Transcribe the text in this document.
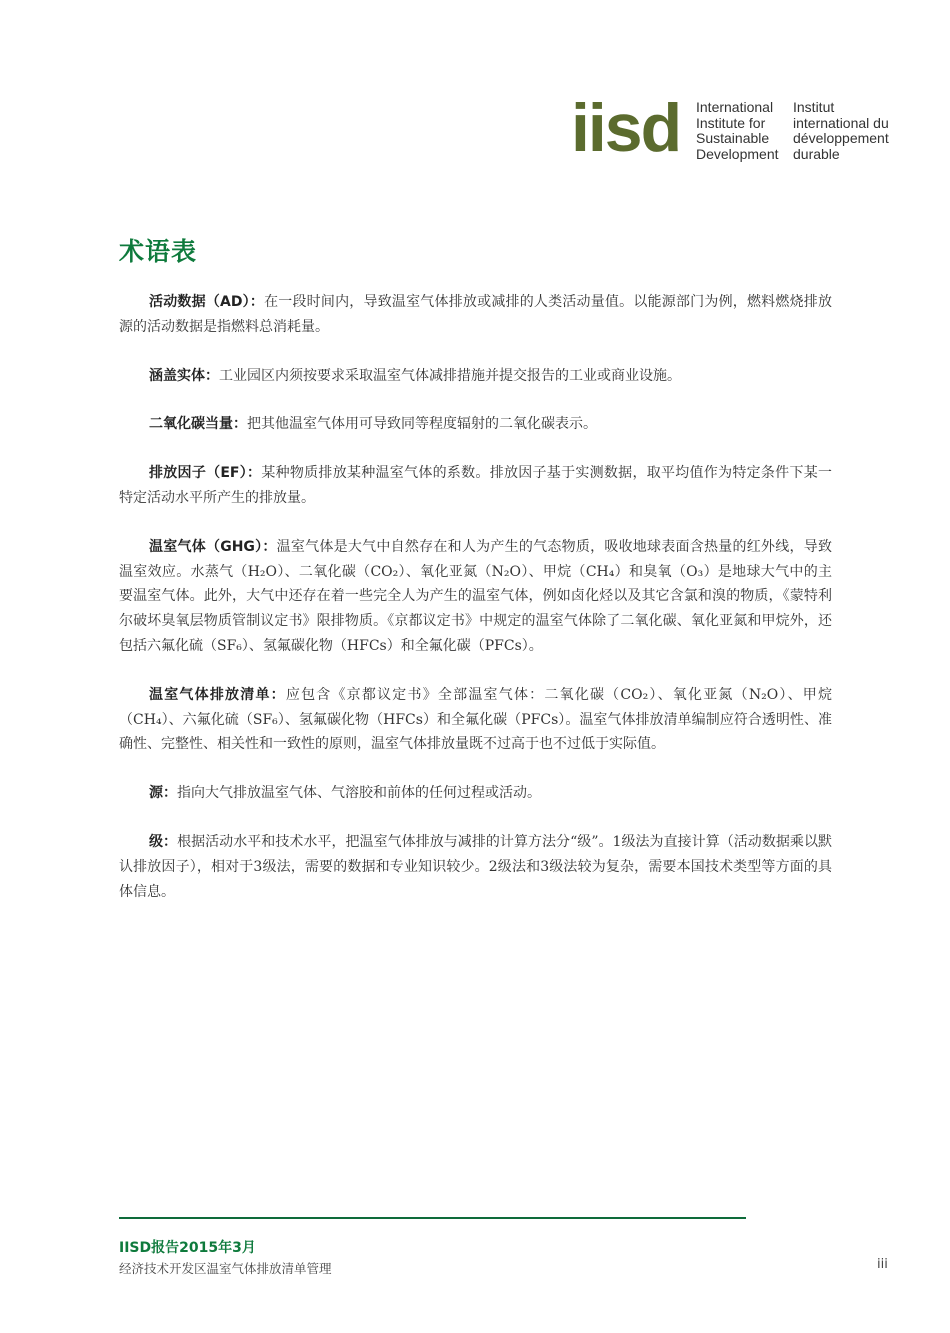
iisd International
Institute for
Sustainable
Development
Institut
international du
développement
durable
术语表

活动数据（AD）：在一段时间内，导致温室气体排放或减排的人类活动量值。以能源部门为例，燃料燃烧排放源的活动数据是指燃料总消耗量。

涵盖实体：工业园区内须按要求采取温室气体减排措施并提交报告的工业或商业设施。

二氧化碳当量：把其他温室气体用可导致同等程度辐射的二氧化碳表示。

排放因子（EF）：某种物质排放某种温室气体的系数。排放因子基于实测数据，取平均值作为特定条件下某一特定活动水平所产生的排放量。

温室气体（GHG）：温室气体是大气中自然存在和人为产生的气态物质，吸收地球表面含热量的红外线，导致温室效应。水蒸气（H₂O）、二氧化碳（CO₂）、氧化亚氮（N₂O）、甲烷（CH₄）和臭氧（O₃）是地球大气中的主要温室气体。此外，大气中还存在着一些完全人为产生的温室气体，例如卤化烃以及其它含氯和溴的物质，《蒙特利尔破坏臭氧层物质管制议定书》限排物质。《京都议定书》中规定的温室气体除了二氧化碳、氧化亚氮和甲烷外，还包括六氟化硫（SF₆）、氢氟碳化物（HFCs）和全氟化碳（PFCs）。

温室气体排放清单：应包含《京都议定书》全部温室气体：二氧化碳（CO₂）、氧化亚氮（N₂O）、甲烷（CH₄）、六氟化硫（SF₆）、氢氟碳化物（HFCs）和全氟化碳（PFCs）。温室气体排放清单编制应符合透明性、准确性、完整性、相关性和一致性的原则，温室气体排放量既不过高于也不过低于实际值。

源：指向大气排放温室气体、气溶胶和前体的任何过程或活动。

级：根据活动水平和技术水平，把温室气体排放与减排的计算方法分“级”。1级法为直接计算（活动数据乘以默认排放因子），相对于3级法，需要的数据和专业知识较少。2级法和3级法较为复杂，需要本国技术类型等方面的具体信息。

IISD报告2015年3月
经济技术开发区温室气体排放清单管理	iii
